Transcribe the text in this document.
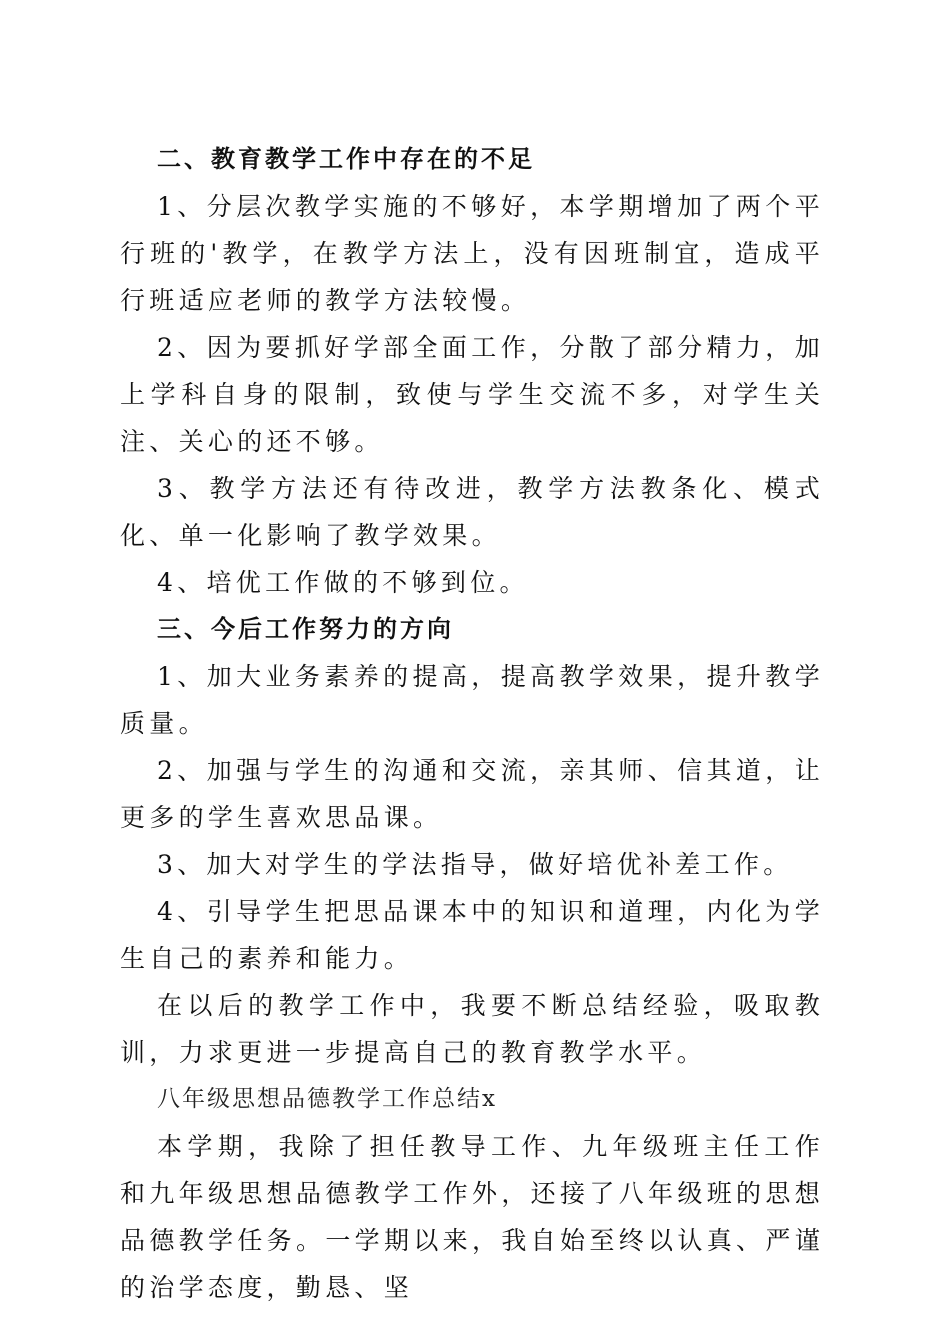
二、教育教学工作中存在的不足

1、分层次教学实施的不够好，本学期增加了两个平行班的'教学，在教学方法上，没有因班制宜，造成平行班适应老师的教学方法较慢。

2、因为要抓好学部全面工作，分散了部分精力，加上学科自身的限制，致使与学生交流不多，对学生关注、关心的还不够。

3、教学方法还有待改进，教学方法教条化、模式化、单一化影响了教学效果。

4、培优工作做的不够到位。

三、今后工作努力的方向

1、加大业务素养的提高，提高教学效果，提升教学质量。

2、加强与学生的沟通和交流，亲其师、信其道，让更多的学生喜欢思品课。

3、加大对学生的学法指导，做好培优补差工作。

4、引导学生把思品课本中的知识和道理，内化为学生自己的素养和能力。

在以后的教学工作中，我要不断总结经验，吸取教训，力求更进一步提高自己的教育教学水平。

八年级思想品德教学工作总结x

本学期，我除了担任教导工作、九年级班主任工作和九年级思想品德教学工作外，还接了八年级班的思想品德教学任务。一学期以来，我自始至终以认真、严谨的治学态度，勤恳、坚
